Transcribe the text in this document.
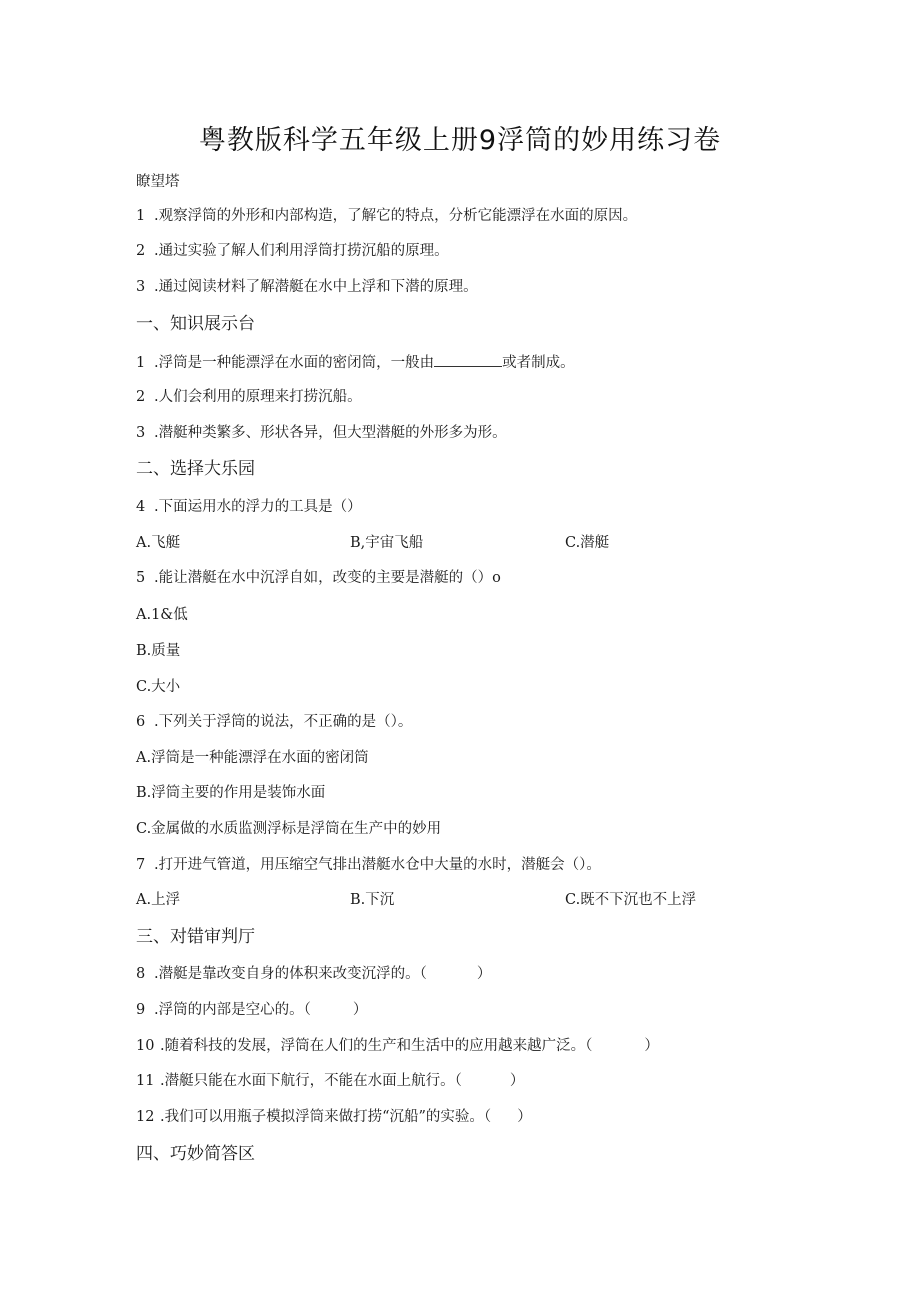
粤教版科学五年级上册9浮筒的妙用练习卷
瞭望塔
1 .观察浮筒的外形和内部构造，了解它的特点，分析它能漂浮在水面的原因。
2 .通过实验了解人们利用浮筒打捞沉船的原理。
3 .通过阅读材料了解潜艇在水中上浮和下潜的原理。
一、知识展示台
1 .浮筒是一种能漂浮在水面的密闭筒，一般由	或者制成。
2 .人们会利用的原理来打捞沉船。
3 .潜艇种类繁多、形状各异，但大型潜艇的外形多为形。
二、选择大乐园
4 .下面运用水的浮力的工具是（）
A.飞艇	B,宇宙飞船	C.潜艇
5 .能让潜艇在水中沉浮自如，改变的主要是潜艇的（）o
A.1&低
B.质量
C.大小
6 .下列关于浮筒的说法，不正确的是（）。
A.浮筒是一种能漂浮在水面的密闭筒
B.浮筒主要的作用是装饰水面
C.金属做的水质监测浮标是浮筒在生产中的妙用
7 .打开进气管道，用压缩空气排出潜艇水仓中大量的水时，潜艇会（）。
A.上浮	B.下沉	C.既不下沉也不上浮
三、对错审判厅
8 .潜艇是靠改变自身的体积来改变沉浮的。（	）
9 .浮筒的内部是空心的。（	）
10 .随着科技的发展，浮筒在人们的生产和生活中的应用越来越广泛。（	）
11 .潜艇只能在水面下航行，不能在水面上航行。（	）
12 .我们可以用瓶子模拟浮筒来做打捞“沉船”的实验。（ ）
四、巧妙简答区
